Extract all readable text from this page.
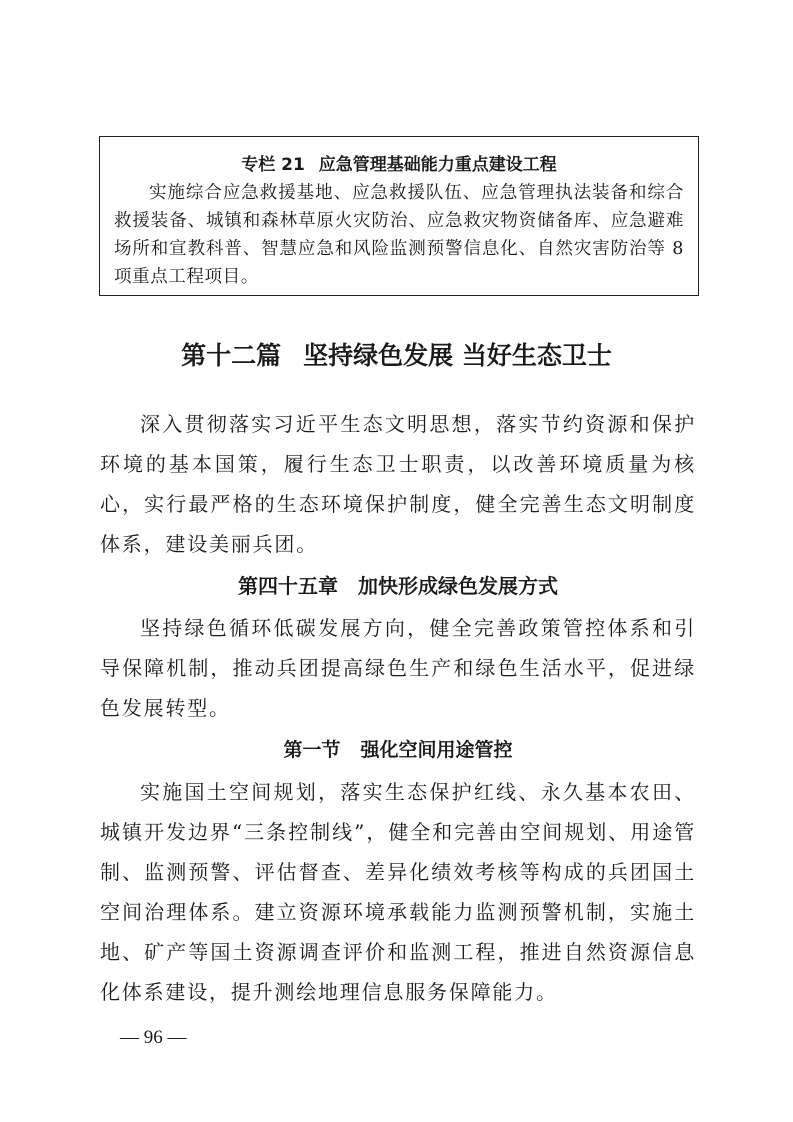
专栏 21 应急管理基础能力重点建设工程

实施综合应急救援基地、应急救援队伍、应急管理执法装备和综合救援装备、城镇和森林草原火灾防治、应急救灾物资储备库、应急避难场所和宣教科普、智慧应急和风险监测预警信息化、自然灾害防治等 8 项重点工程项目。

第十二篇 坚持绿色发展 当好生态卫士

深入贯彻落实习近平生态文明思想，落实节约资源和保护环境的基本国策，履行生态卫士职责，以改善环境质量为核心，实行最严格的生态环境保护制度，健全完善生态文明制度体系，建设美丽兵团。

第四十五章 加快形成绿色发展方式

坚持绿色循环低碳发展方向，健全完善政策管控体系和引导保障机制，推动兵团提高绿色生产和绿色生活水平，促进绿色发展转型。

第一节 强化空间用途管控

实施国土空间规划，落实生态保护红线、永久基本农田、城镇开发边界“三条控制线”，健全和完善由空间规划、用途管制、监测预警、评估督查、差异化绩效考核等构成的兵团国土空间治理体系。建立资源环境承载能力监测预警机制，实施土地、矿产等国土资源调查评价和监测工程，推进自然资源信息化体系建设，提升测绘地理信息服务保障能力。

— 96 —
